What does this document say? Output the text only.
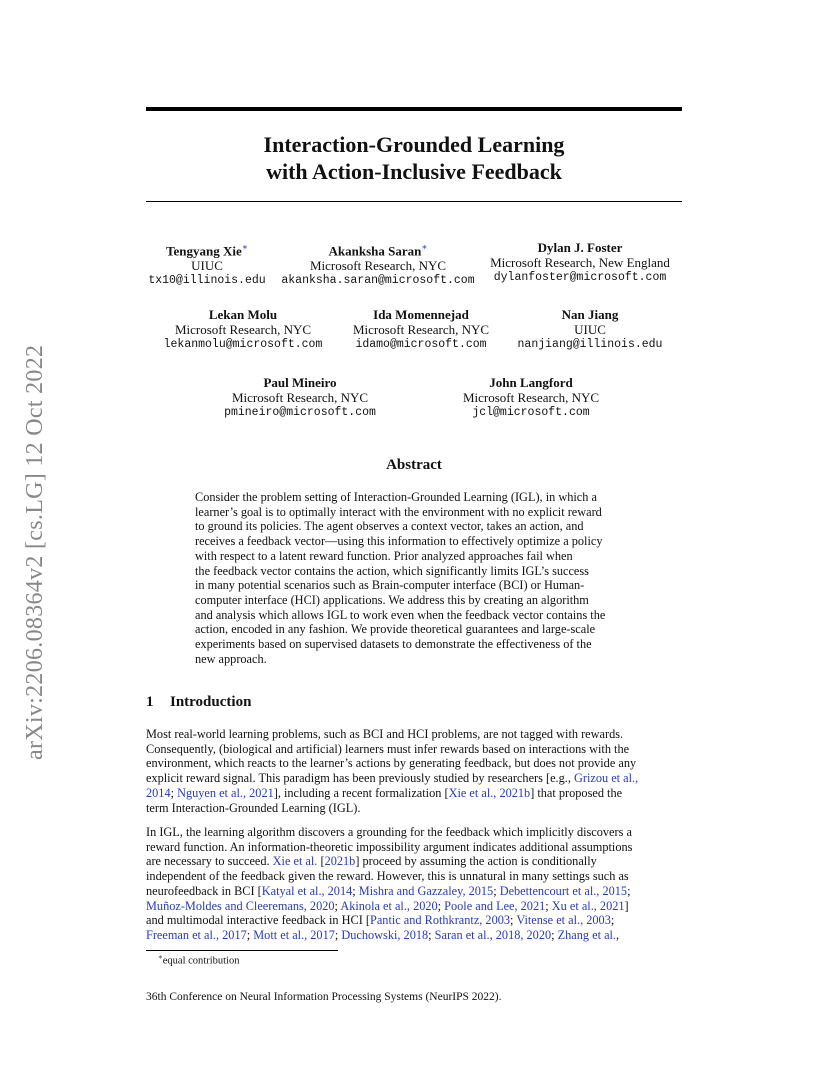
arXiv:2206.08364v2 [cs.LG] 12 Oct 2022
Interaction-Grounded Learning
with Action-Inclusive Feedback
Tengyang Xie∗
UIUC
tx10@illinois.edu
Akanksha Saran∗
Microsoft Research, NYC
akanksha.saran@microsoft.com
Dylan J. Foster
Microsoft Research, New England
dylanfoster@microsoft.com
Lekan Molu
Microsoft Research, NYC
lekanmolu@microsoft.com
Ida Momennejad
Microsoft Research, NYC
idamo@microsoft.com
Nan Jiang
UIUC
nanjiang@illinois.edu
Paul Mineiro
Microsoft Research, NYC
pmineiro@microsoft.com
John Langford
Microsoft Research, NYC
jcl@microsoft.com
Abstract
Consider the problem setting of Interaction-Grounded Learning (IGL), in which a
learner’s goal is to optimally interact with the environment with no explicit reward
to ground its policies. The agent observes a context vector, takes an action, and
receives a feedback vector—using this information to effectively optimize a policy
with respect to a latent reward function. Prior analyzed approaches fail when
the feedback vector contains the action, which significantly limits IGL’s success
in many potential scenarios such as Brain-computer interface (BCI) or Human-
computer interface (HCI) applications. We address this by creating an algorithm
and analysis which allows IGL to work even when the feedback vector contains the
action, encoded in any fashion. We provide theoretical guarantees and large-scale
experiments based on supervised datasets to demonstrate the effectiveness of the
new approach.
1 Introduction
Most real-world learning problems, such as BCI and HCI problems, are not tagged with rewards.
Consequently, (biological and artificial) learners must infer rewards based on interactions with the
environment, which reacts to the learner’s actions by generating feedback, but does not provide any
explicit reward signal. This paradigm has been previously studied by researchers [e.g., Grizou et al.,
2014; Nguyen et al., 2021], including a recent formalization [Xie et al., 2021b] that proposed the
term Interaction-Grounded Learning (IGL).
In IGL, the learning algorithm discovers a grounding for the feedback which implicitly discovers a
reward function. An information-theoretic impossibility argument indicates additional assumptions
are necessary to succeed. Xie et al. [2021b] proceed by assuming the action is conditionally
independent of the feedback given the reward. However, this is unnatural in many settings such as
neurofeedback in BCI [Katyal et al., 2014; Mishra and Gazzaley, 2015; Debettencourt et al., 2015;
Muñoz-Moldes and Cleeremans, 2020; Akinola et al., 2020; Poole and Lee, 2021; Xu et al., 2021]
and multimodal interactive feedback in HCI [Pantic and Rothkrantz, 2003; Vitense et al., 2003;
Freeman et al., 2017; Mott et al., 2017; Duchowski, 2018; Saran et al., 2018, 2020; Zhang et al.,
∗equal contribution
36th Conference on Neural Information Processing Systems (NeurIPS 2022).
